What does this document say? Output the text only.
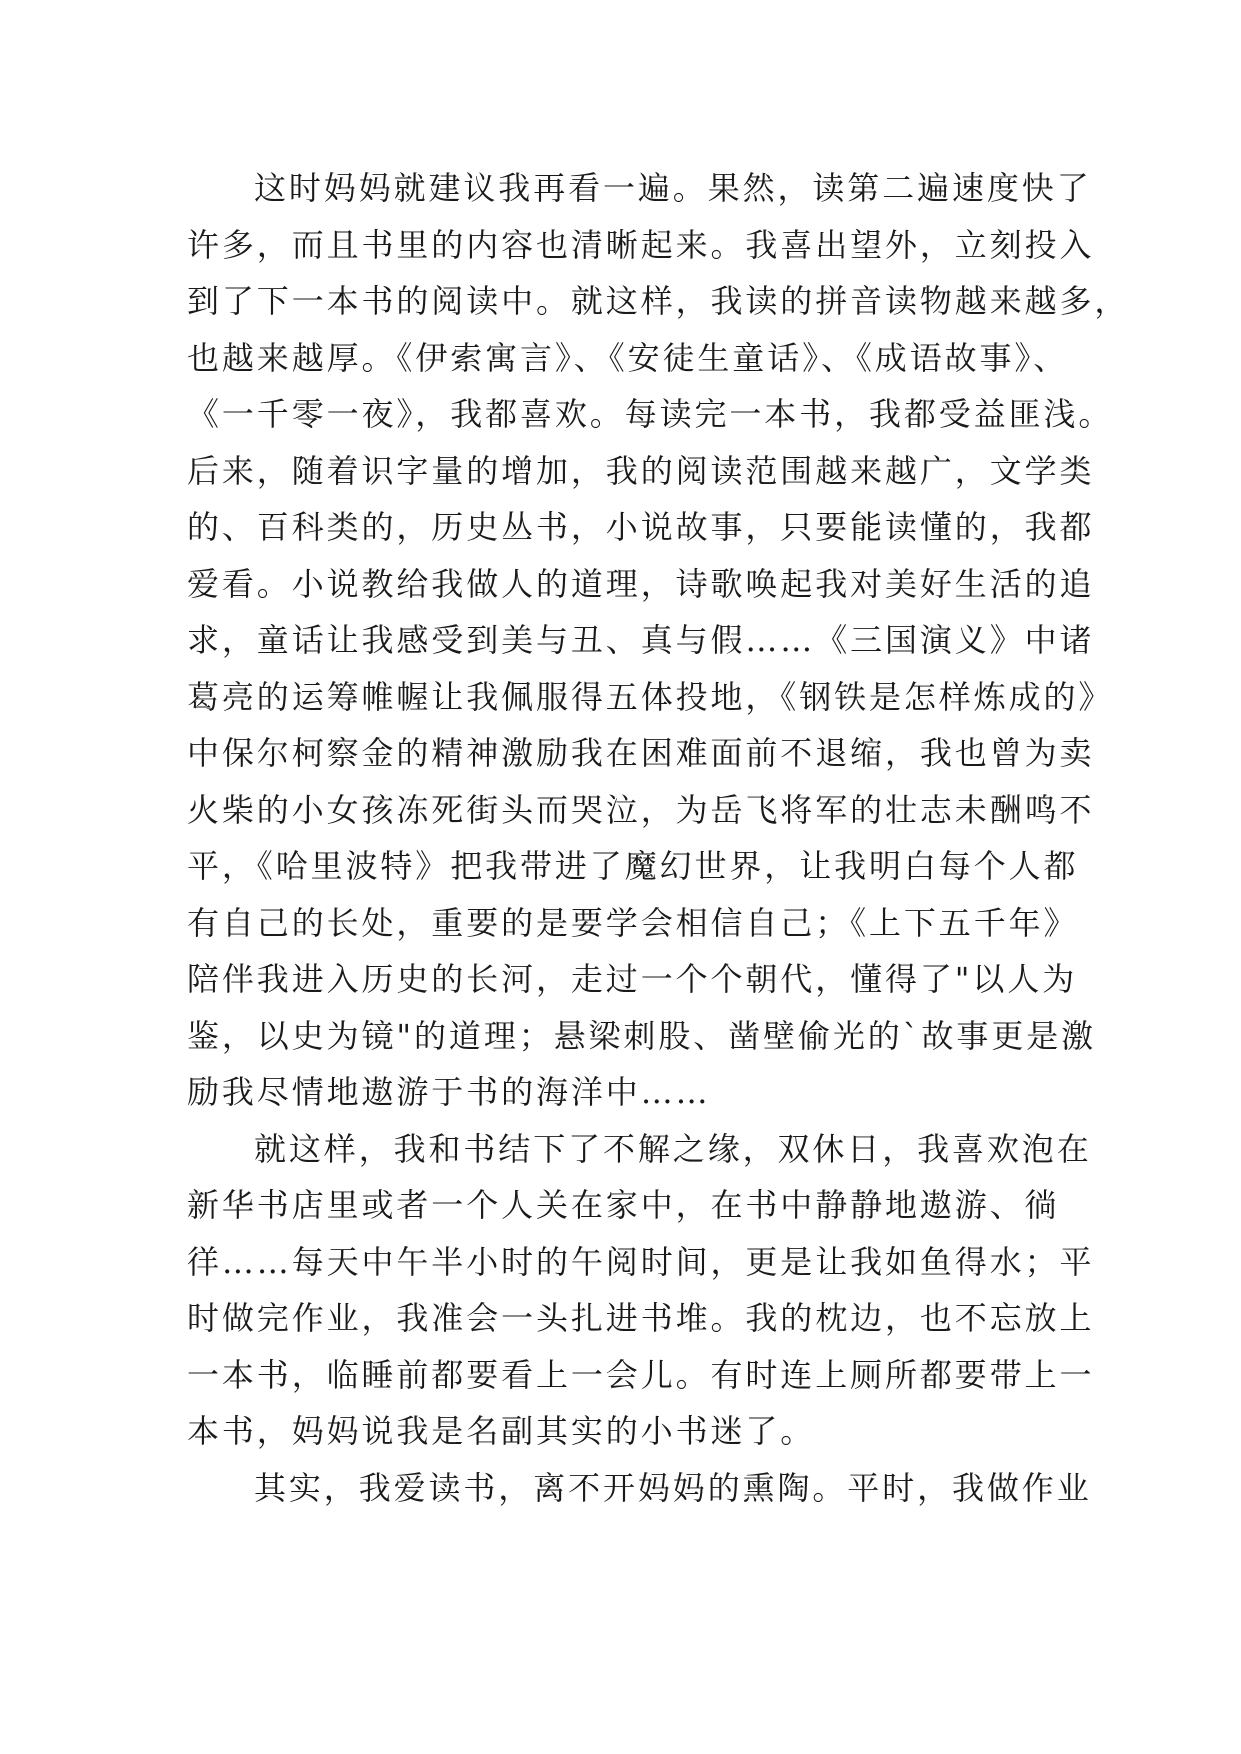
这时妈妈就建议我再看一遍。果然，读第二遍速度快了
许多，而且书里的内容也清晰起来。我喜出望外，立刻投入
到了下一本书的阅读中。就这样，我读的拼音读物越来越多，
也越来越厚。《伊索寓言》、《安徒生童话》、《成语故事》、
《一千零一夜》，我都喜欢。每读完一本书，我都受益匪浅。
后来，随着识字量的增加，我的阅读范围越来越广，文学类
的、百科类的，历史丛书，小说故事，只要能读懂的，我都
爱看。小说教给我做人的道理，诗歌唤起我对美好生活的追
求，童话让我感受到美与丑、真与假……《三国演义》中诸
葛亮的运筹帷幄让我佩服得五体投地，《钢铁是怎样炼成的》
中保尔柯察金的精神激励我在困难面前不退缩，我也曾为卖
火柴的小女孩冻死街头而哭泣，为岳飞将军的壮志未酬鸣不
平，《哈里波特》把我带进了魔幻世界，让我明白每个人都
有自己的长处，重要的是要学会相信自己；《上下五千年》
陪伴我进入历史的长河，走过一个个朝代，懂得了"以人为
鉴，以史为镜"的道理；悬梁刺股、凿壁偷光的`故事更是激
励我尽情地遨游于书的海洋中……
就这样，我和书结下了不解之缘，双休日，我喜欢泡在
新华书店里或者一个人关在家中，在书中静静地遨游、徜
徉……每天中午半小时的午阅时间，更是让我如鱼得水；平
时做完作业，我准会一头扎进书堆。我的枕边，也不忘放上
一本书，临睡前都要看上一会儿。有时连上厕所都要带上一
本书，妈妈说我是名副其实的小书迷了。
其实，我爱读书，离不开妈妈的熏陶。平时，我做作业
